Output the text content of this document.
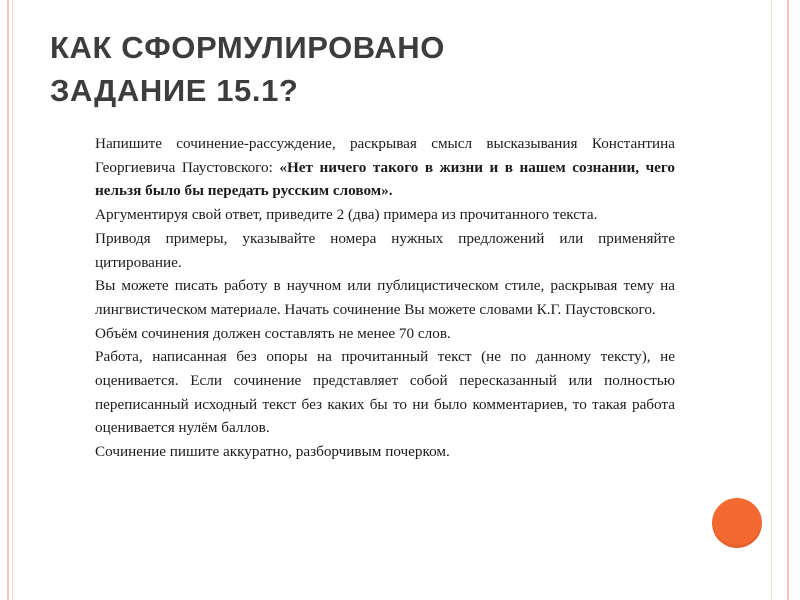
КАК СФОРМУЛИРОВАНО
ЗАДАНИЕ 15.1?
Напишите сочинение-рассуждение, раскрывая смысл высказывания Константина Георгиевича Паустовского: «Нет ничего такого в жизни и в нашем сознании, чего нельзя было бы передать русским словом».
Аргументируя свой ответ, приведите 2 (два) примера из прочитанного текста.
Приводя примеры, указывайте номера нужных предложений или применяйте цитирование.
Вы можете писать работу в научном или публицистическом стиле, раскрывая тему на лингвистическом материале. Начать сочинение Вы можете словами К.Г. Паустовского.
Объём сочинения должен составлять не менее 70 слов.
Работа, написанная без опоры на прочитанный текст (не по данному тексту), не оценивается. Если сочинение представляет собой пересказанный или полностью переписанный исходный текст без каких бы то ни было комментариев, то такая работа оценивается нулём баллов.
Сочинение пишите аккуратно, разборчивым почерком.
